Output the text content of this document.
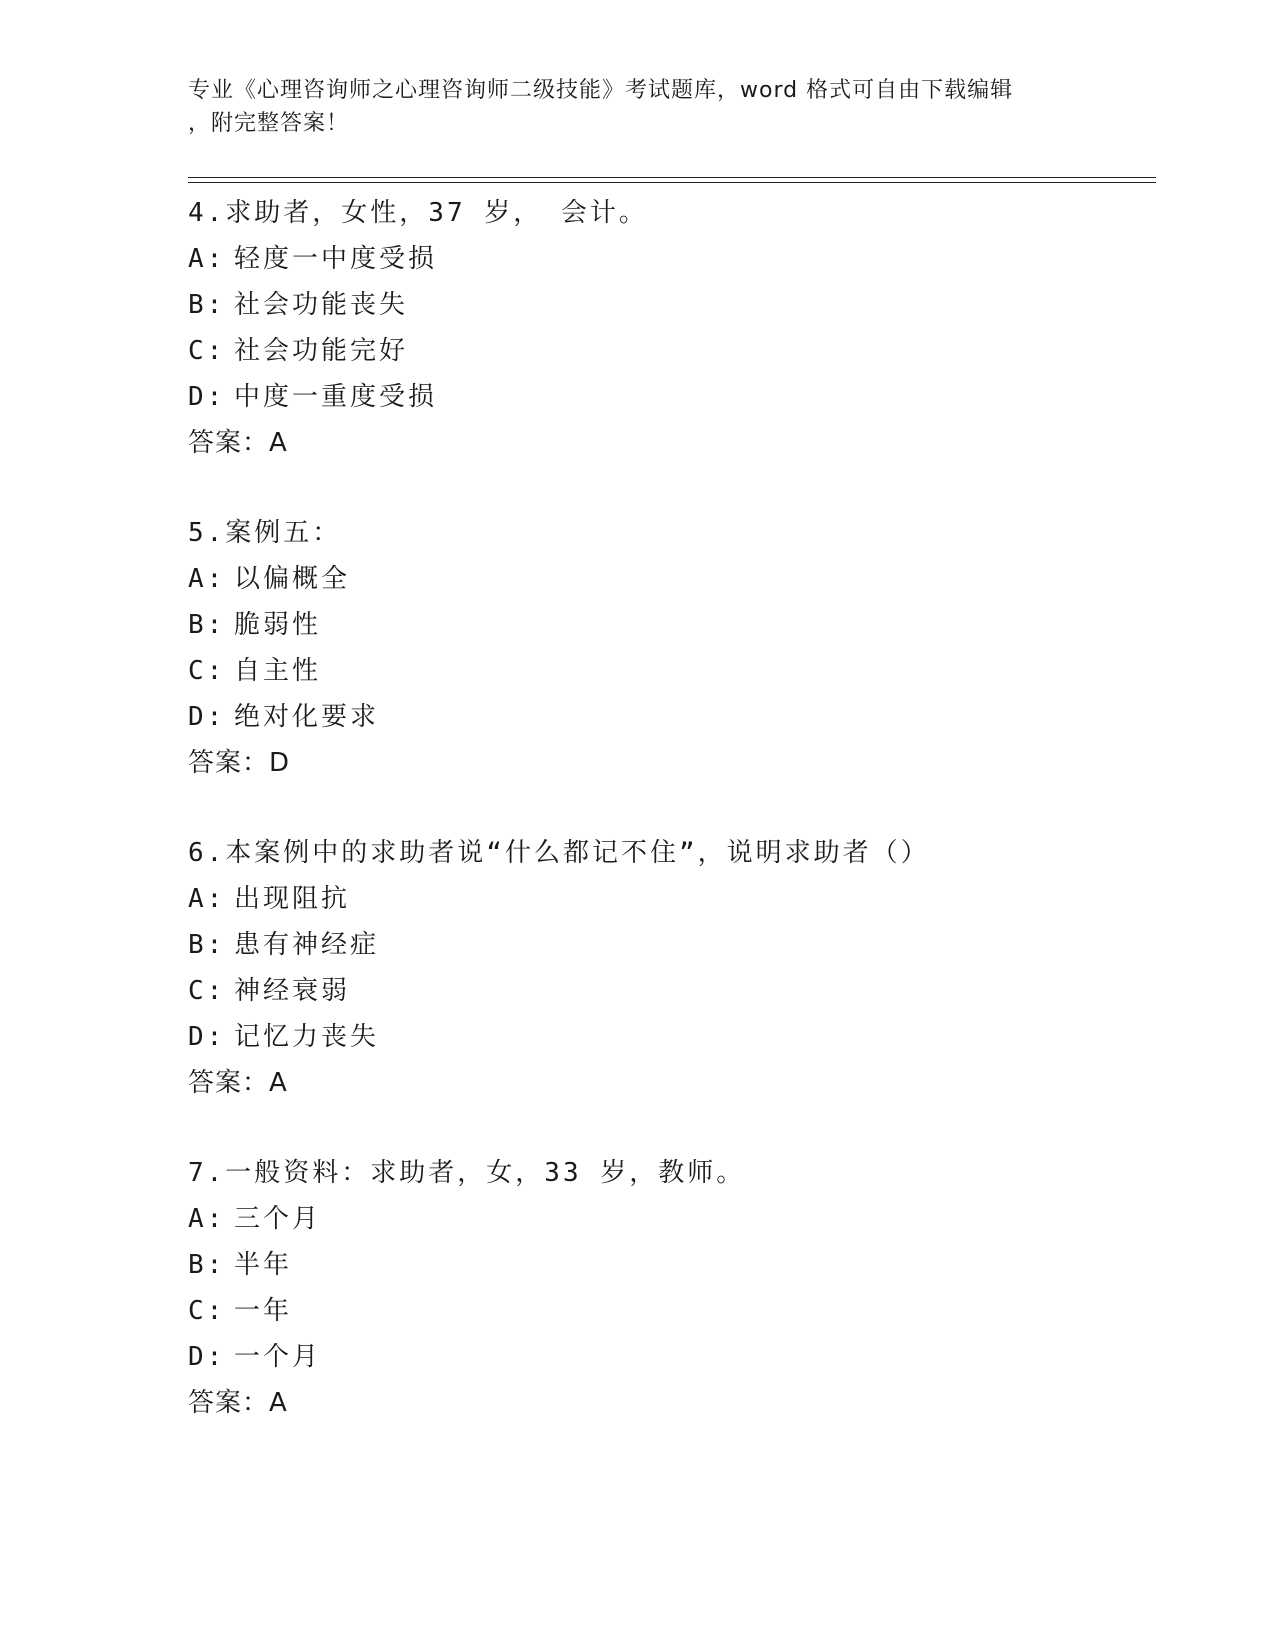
专业《心理咨询师之心理咨询师二级技能》考试题库，word 格式可自由下载编辑
，附完整答案！
4.求助者，女性，37 岁， 会计。
A: 轻度一中度受损
B: 社会功能丧失
C: 社会功能完好
D: 中度一重度受损
答案：A
5.案例五：
A: 以偏概全
B: 脆弱性
C: 自主性
D: 绝对化要求
答案：D
6.本案例中的求助者说“什么都记不住”，说明求助者（）
A: 出现阻抗
B: 患有神经症
C: 神经衰弱
D: 记忆力丧失
答案：A
7.一般资料：求助者，女，33 岁，教师。
A: 三个月
B: 半年
C: 一年
D: 一个月
答案：A
